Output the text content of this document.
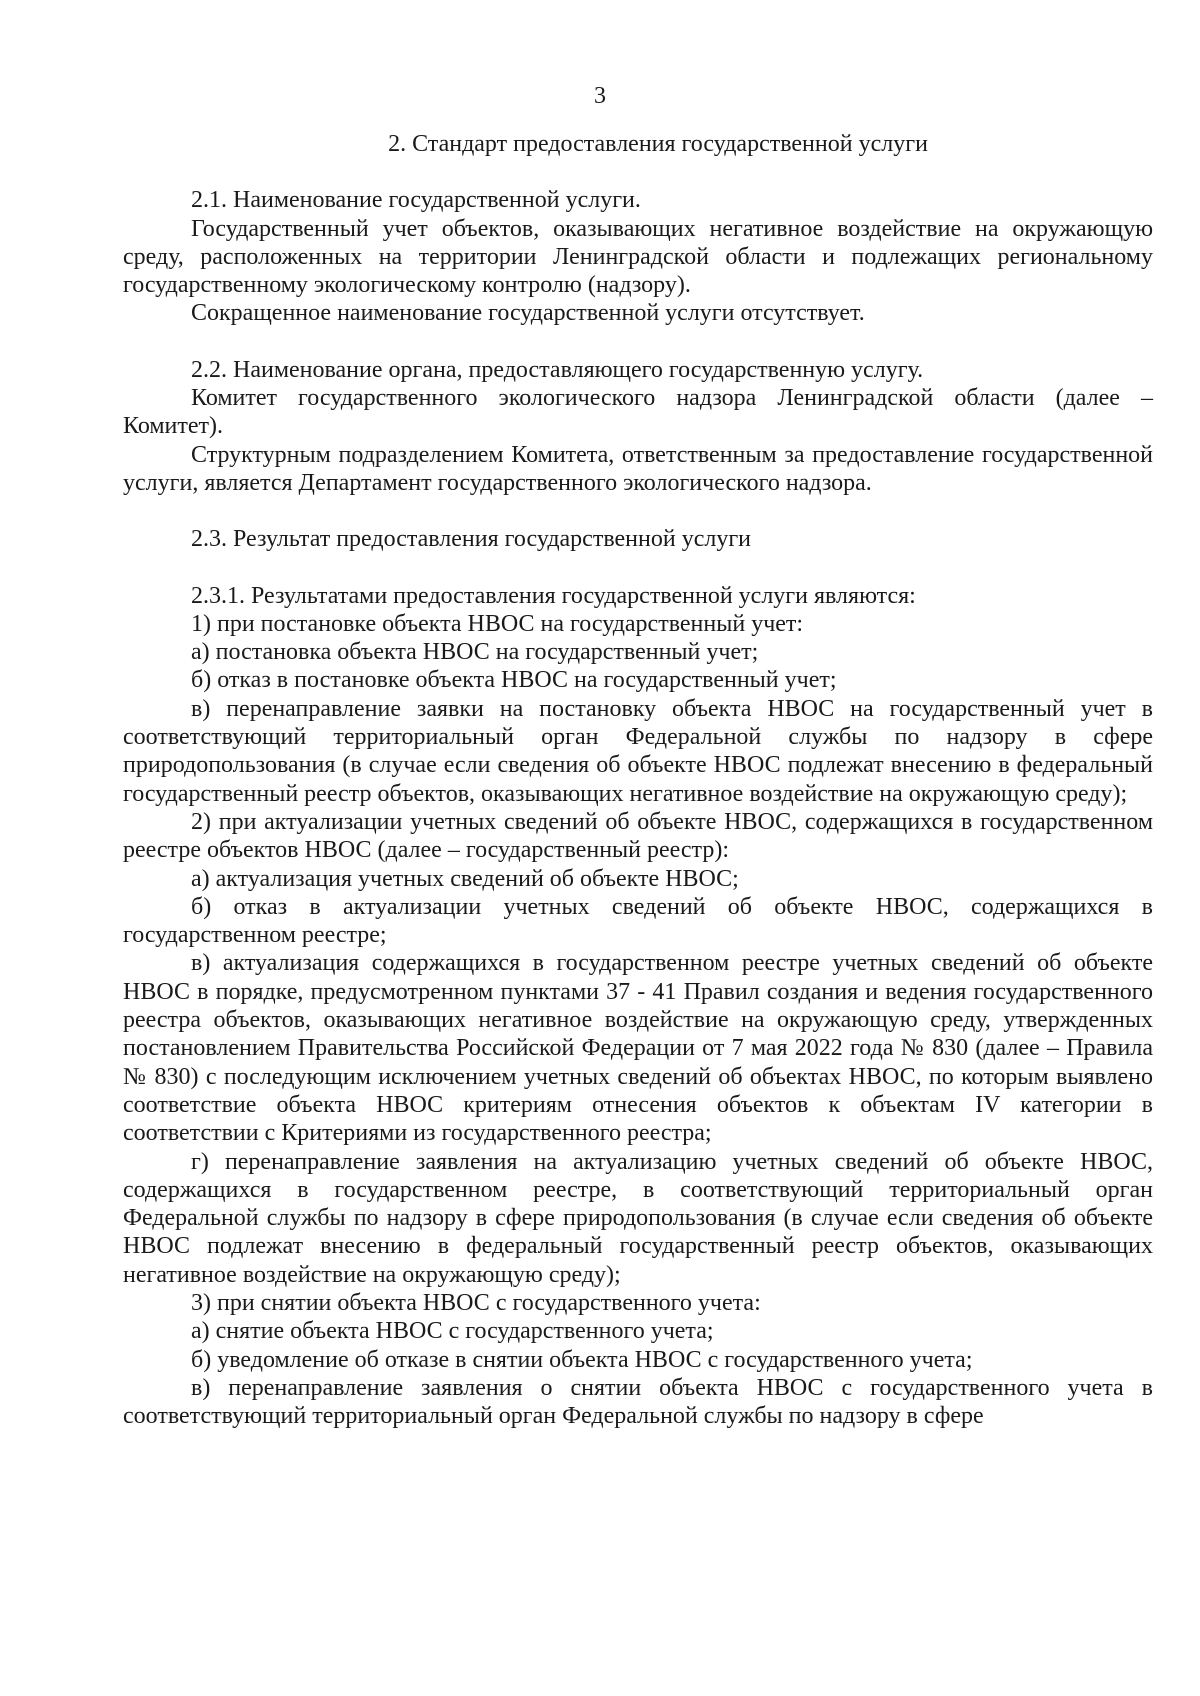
3
2. Стандарт предоставления государственной услуги

2.1. Наименование государственной услуги.

Государственный учет объектов, оказывающих негативное воздействие на окружающую среду, расположенных на территории Ленинградской области и подлежащих региональному государственному экологическому контролю (надзору).

Сокращенное наименование государственной услуги отсутствует.

2.2. Наименование органа, предоставляющего государственную услугу.

Комитет государственного экологического надзора Ленинградской области (далее – Комитет).

Структурным подразделением Комитета, ответственным за предоставление государственной услуги, является Департамент государственного экологического надзора.

2.3. Результат предоставления государственной услуги

2.3.1. Результатами предоставления государственной услуги являются:

1) при постановке объекта НВОС на государственный учет:

а) постановка объекта НВОС на государственный учет;

б) отказ в постановке объекта НВОС на государственный учет;

в) перенаправление заявки на постановку объекта НВОС на государственный учет в соответствующий территориальный орган Федеральной службы по надзору в сфере природопользования (в случае если сведения об объекте НВОС подлежат внесению в федеральный государственный реестр объектов, оказывающих негативное воздействие на окружающую среду);

2) при актуализации учетных сведений об объекте НВОС, содержащихся в государственном реестре объектов НВОС (далее – государственный реестр):

а) актуализация учетных сведений об объекте НВОС;

б) отказ в актуализации учетных сведений об объекте НВОС, содержащихся в государственном реестре;

в) актуализация содержащихся в государственном реестре учетных сведений об объекте НВОС в порядке, предусмотренном пунктами 37 - 41 Правил создания и ведения государственного реестра объектов, оказывающих негативное воздействие на окружающую среду, утвержденных постановлением Правительства Российской Федерации от 7 мая 2022 года № 830 (далее – Правила № 830) с последующим исключением учетных сведений об объектах НВОС, по которым выявлено соответствие объекта НВОС критериям отнесения объектов к объектам IV категории в соответствии с Критериями из государственного реестра;

г) перенаправление заявления на актуализацию учетных сведений об объекте НВОС, содержащихся в государственном реестре, в соответствующий территориальный орган Федеральной службы по надзору в сфере природопользования (в случае если сведения об объекте НВОС подлежат внесению в федеральный государственный реестр объектов, оказывающих негативное воздействие на окружающую среду);

3) при снятии объекта НВОС с государственного учета:

а) снятие объекта НВОС с государственного учета;

б) уведомление об отказе в снятии объекта НВОС с государственного учета;

в) перенаправление заявления о снятии объекта НВОС с государственного учета в соответствующий территориальный орган Федеральной службы по надзору в сфере
